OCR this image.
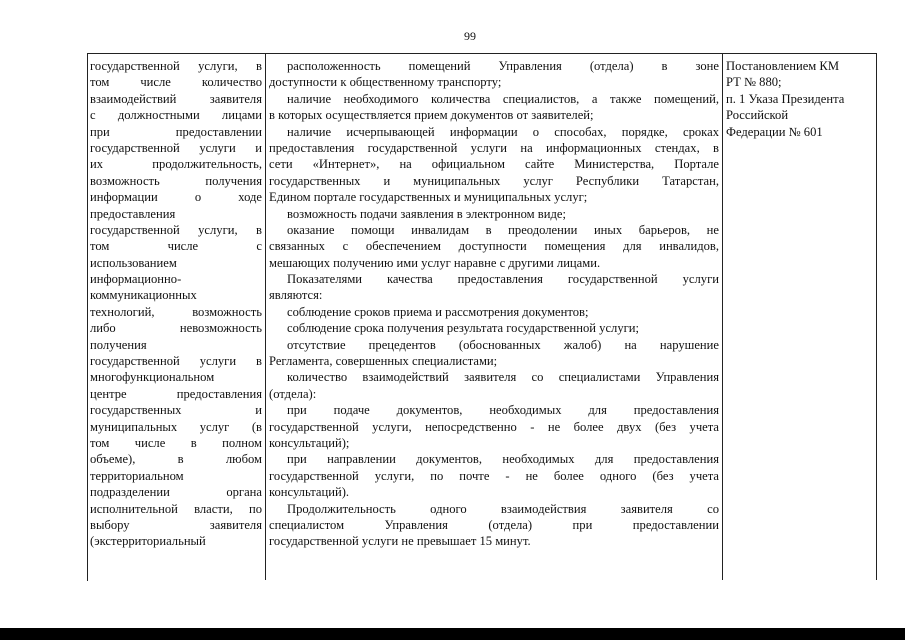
99
государственной услуги, в
том числе количество
взаимодействий заявителя
с должностными лицами
при предоставлении
государственной услуги и
их продолжительность,
возможность получения
информации о ходе
предоставления
государственной услуги, в
том числе с
использованием
информационно-
коммуникационных
технологий, возможность
либо невозможность
получения
государственной услуги в
многофункциональном
центре предоставления
государственных и
муниципальных услуг (в
том числе в полном
объеме), в любом
территориальном
подразделении органа
исполнительной власти, по
выбору заявителя
(экстерриториальный
расположенность помещений Управления (отдела) в зоне
доступности к общественному транспорту;
наличие необходимого количества специалистов, а также помещений,
в которых осуществляется прием документов от заявителей;
наличие исчерпывающей информации о способах, порядке, сроках
предоставления государственной услуги на информационных стендах, в
сети «Интернет», на официальном сайте Министерства, Портале
государственных и муниципальных услуг Республики Татарстан,
Едином портале государственных и муниципальных услуг;
возможность подачи заявления в электронном виде;
оказание помощи инвалидам в преодолении иных барьеров, не
связанных с обеспечением доступности помещения для инвалидов,
мешающих получению ими услуг наравне с другими лицами.
Показателями качества предоставления государственной услуги
являются:
соблюдение сроков приема и рассмотрения документов;
соблюдение срока получения результата государственной услуги;
отсутствие прецедентов (обоснованных жалоб) на нарушение
Регламента, совершенных специалистами;
количество взаимодействий заявителя со специалистами Управления
(отдела):
при подаче документов, необходимых для предоставления
государственной услуги, непосредственно - не более двух (без учета
консультаций);
при направлении документов, необходимых для предоставления
государственной услуги, по почте - не более одного (без учета
консультаций).
Продолжительность одного взаимодействия заявителя со
специалистом Управления (отдела) при предоставлении
государственной услуги не превышает 15 минут.
Постановлением КМ
РТ № 880;
п. 1 Указа Президента
Российской
Федерации № 601
